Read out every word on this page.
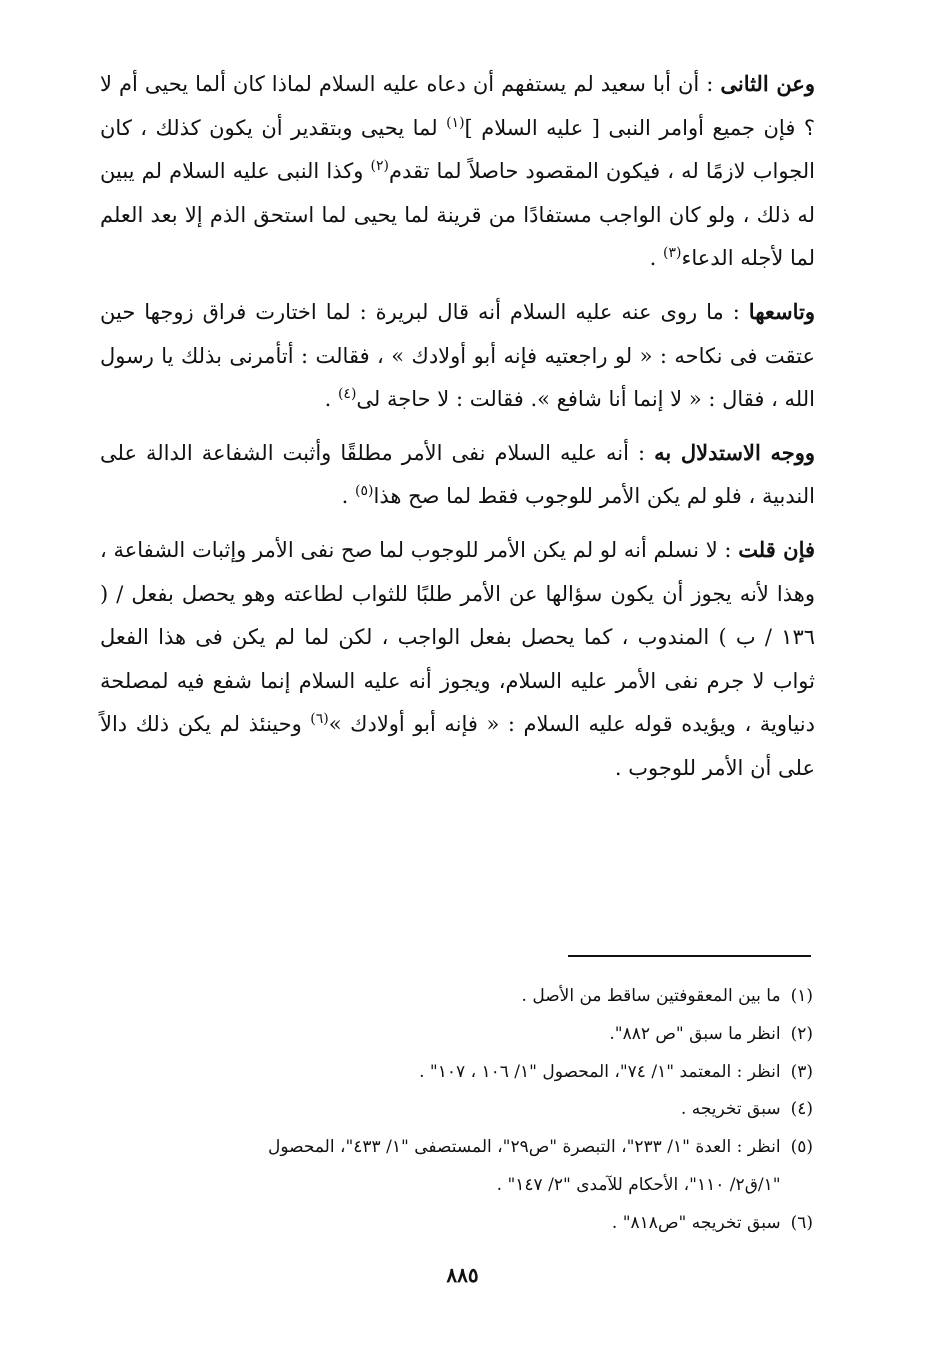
وعن الثانى : أن أبا سعيد لم يستفهم أن دعاه عليه السلام لماذا كان ألما يحيى أم لا ؟ فإن جميع أوامر النبى [ عليه السلام ]$^{(١)}$ لما يحيى وبتقدير أن يكون كذلك ، كان الجواب لازمًا له ، فيكون المقصود حاصلاً لما تقدم$^{(٢)}$ وكذا النبى عليه السلام لم يبين له ذلك ، ولو كان الواجب مستفادًا من قرينة لما يحيى لما استحق الذم إلا بعد العلم لما لأجله الدعاء$^{(٣)}$ .

وتاسعها : ما روى عنه عليه السلام أنه قال لبريرة : لما اختارت فراق زوجها حين عتقت فى نكاحه : « لو راجعتيه فإنه أبو أولادك » ، فقالت : أتأمرنى بذلك يا رسول الله ، فقال : « لا إنما أنا شافع ». فقالت : لا حاجة لى$^{(٤)}$ .

ووجه الاستدلال به : أنه عليه السلام نفى الأمر مطلقًا وأثبت الشفاعة الدالة على الندبية ، فلو لم يكن الأمر للوجوب فقط لما صح هذا$^{(٥)}$ .

فإن قلت : لا نسلم أنه لو لم يكن الأمر للوجوب لما صح نفى الأمر وإثبات الشفاعة ، وهذا لأنه يجوز أن يكون سؤالها عن الأمر طلبًا للثواب لطاعته وهو يحصل بفعل / ( ١٣٦ / ب ) المندوب ، كما يحصل بفعل الواجب ، لكن لما لم يكن فى هذا الفعل ثواب لا جرم نفى الأمر عليه السلام، ويجوز أنه عليه السلام إنما شفع فيه لمصلحة دنياوية ، ويؤيده قوله عليه السلام : « فإنه أبو أولادك »$^{(٦)}$ وحينئذ لم يكن ذلك دالاً على أن الأمر للوجوب .

(١)
ما بين المعقوفتين ساقط من الأصل .
(٢)
انظر ما سبق "ص ٨٨٢".
(٣)
انظر : المعتمد "١/ ٧٤"، المحصول "١/ ١٠٦ ، ١٠٧" .
(٤)
سبق تخريجه .
(٥)
انظر : العدة "١/ ٢٣٣"، التبصرة "ص٢٩"، المستصفى "١/ ٤٣٣"، المحصول
"١/ق٢/ ١١٠"، الأحكام للآمدى "٢/ ١٤٧" .
(٦)
سبق تخريجه "ص٨١٨" .
٨٨٥
